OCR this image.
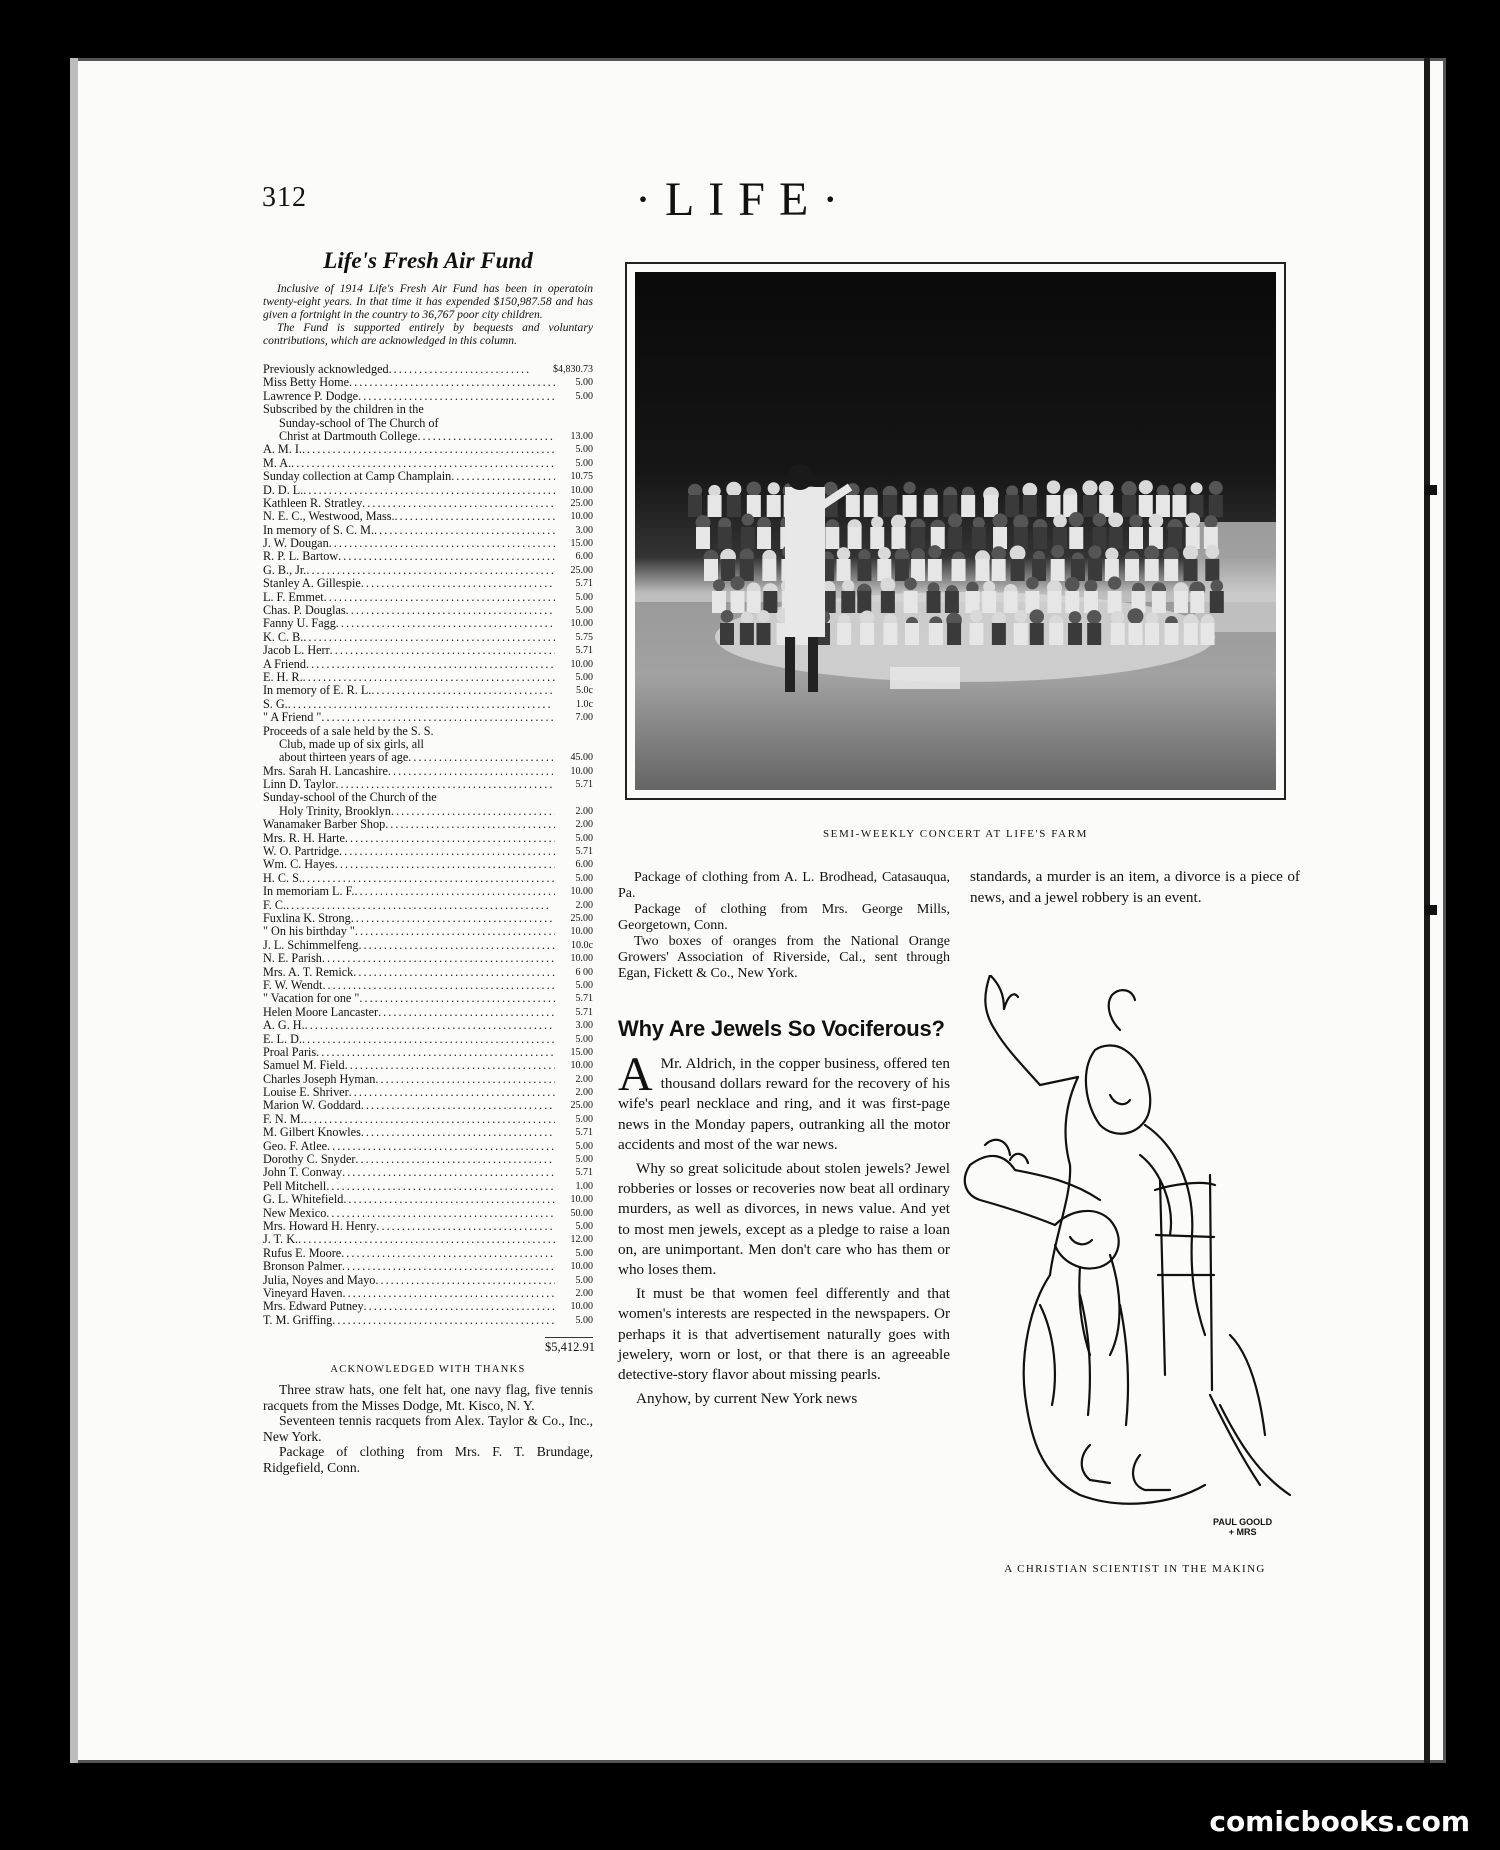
312	·LIFE·
Life's Fresh Air Fund

Inclusive of 1914 Life's Fresh Air Fund has been in operatoin twenty-eight years. In that time it has expended $150,987.58 and has given a fortnight in the country to 36,767 poor city children.

The Fund is supported entirely by bequests and voluntary contributions, which are acknowledged in this column.

Previously acknowledged . . .	$4,830.73
Miss Betty Home . . .	5.00
Lawrence P. Dodge . . .	5.00
Subscribed by the children in the
Sunday-school of The Church of
Christ at Dartmouth College . . .	13.00
A. M. I. . . .	5.00
M. A. . . .	5.00
Sunday collection at Camp Champlain . . .	10.75
D. D. L. . . .	10.00
Kathleen R. Stratley . . .	25.00
N. E. C., Westwood, Mass. . . .	10.00
In memory of S. C. M. . . .	3.00
J. W. Dougan . . .	15.00
R. P. L. Bartow . . .	6.00
G. B., Jr. . . .	25.00
Stanley A. Gillespie . . .	5.71
L. F. Emmet . . .	5.00
Chas. P. Douglas . . .	5.00
Fanny U. Fagg . . .	10.00
K. C. B. . . .	5.75
Jacob L. Herr . . .	5.71
A Friend . . .	10.00
E. H. R. . . .	5.00
In memory of E. R. L. . . .	5.0c
S. G. . . .	1.0c
" A Friend " . . .	7.00
Proceeds of a sale held by the S. S.
Club, made up of six girls, all
about thirteen years of age . . .	45.00
Mrs. Sarah H. Lancashire . . .	10.00
Linn D. Taylor . . .	5.71
Sunday-school of the Church of the
Holy Trinity, Brooklyn . . .	2.00
Wanamaker Barber Shop . . .	2.00
Mrs. R. H. Harte . . .	5.00
W. O. Partridge . . .	5.71
Wm. C. Hayes . . .	6.00
H. C. S. . . .	5.00
In memoriam L. F. . . .	10.00
F. C. . . .	2.00
Fuxlina K. Strong . . .	25.00
" On his birthday " . . .	10.00
J. L. Schimmelfeng . . .	10.0c
N. E. Parish . . .	10.00
Mrs. A. T. Remick . . .	6 00
F. W. Wendt . . .	5.00
" Vacation for one " . . .	5.71
Helen Moore Lancaster . . .	5.71
A. G. H. . . .	3.00
E. L. D. . . .	5.00
Proal Paris . . .	15.00
Samuel M. Field . . .	10.00
Charles Joseph Hyman . . .	2.00
Louise E. Shriver . . .	2.00
Marion W. Goddard . . .	25.00
F. N. M. . . .	5.00
M. Gilbert Knowles . . .	5.71
Geo. F. Atlee . . .	5.00
Dorothy C. Snyder . . .	5.00
John T. Conway . . .	5.71
Pell Mitchell . . .	1.00
G. L. Whitefield . . .	10.00
New Mexico . . .	50.00
Mrs. Howard H. Henry . . .	5.00
J. T. K. . . .	12.00
Rufus E. Moore . . .	5.00
Bronson Palmer . . .	10.00
Julia, Noyes and Mayo . . .	5.00
Vineyard Haven . . .	2.00
Mrs. Edward Putney . . .	10.00
T. M. Griffing . . .	5.00
$5,412.91
ACKNOWLEDGED WITH THANKS

Three straw hats, one felt hat, one navy flag, five tennis racquets from the Misses Dodge, Mt. Kisco, N. Y.

Seventeen tennis racquets from Alex. Taylor & Co., Inc., New York.

Package of clothing from Mrs. F. T. Brundage, Ridgefield, Conn.

SEMI-WEEKLY CONCERT AT LIFE'S FARM

Package of clothing from A. L. Brodhead, Catasauqua, Pa.

Package of clothing from Mrs. George Mills, Georgetown, Conn.

Two boxes of oranges from the National Orange Growers' Association of Riverside, Cal., sent through Egan, Fickett & Co., New York.

Why Are Jewels So Vociferous?

A Mr. Aldrich, in the copper business, offered ten thousand dollars reward for the recovery of his wife's pearl necklace and ring, and it was first-page news in the Monday papers, outranking all the motor accidents and most of the war news.

Why so great solicitude about stolen jewels? Jewel robberies or losses or recoveries now beat all ordinary murders, as well as divorces, in news value. And yet to most men jewels, except as a pledge to raise a loan on, are unimportant. Men don't care who has them or who loses them.

It must be that women feel differently and that women's interests are respected in the newspapers. Or perhaps it is that advertisement naturally goes with jewelery, worn or lost, or that there is an agreeable detective-story flavor about missing pearls.

Anyhow, by current New York news

standards, a murder is an item, a divorce is a piece of news, and a jewel robbery is an event.

PAUL GOOLD
+ MRS
A CHRISTIAN SCIENTIST IN THE MAKING
comicbooks.com
